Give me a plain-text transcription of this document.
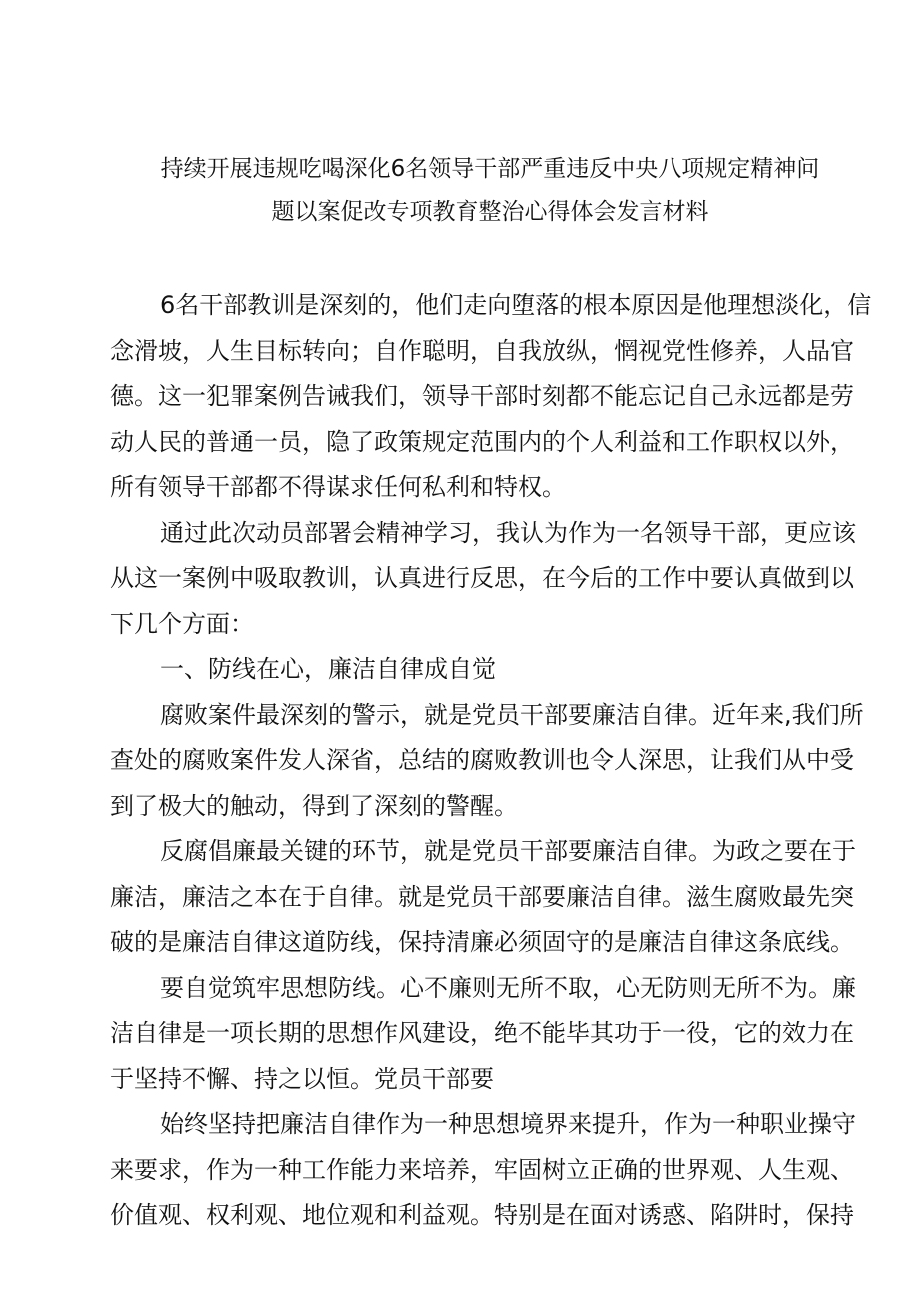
持续开展违规吃喝深化6名领导干部严重违反中央八项规定精神问
题以案促改专项教育整治心得体会发言材料

6名干部教训是深刻的，他们走向堕落的根本原因是他理想淡化，信
念滑坡，人生目标转向；自作聪明，自我放纵，惘视党性修养，人品官
德。这一犯罪案例告诫我们，领导干部时刻都不能忘记自己永远都是劳
动人民的普通一员，隐了政策规定范围内的个人利益和工作职权以外，
所有领导干部都不得谋求任何私利和特权。

通过此次动员部署会精神学习，我认为作为一名领导干部，更应该
从这一案例中吸取教训，认真进行反思，在今后的工作中要认真做到以
下几个方面：

一、防线在心，廉洁自律成自觉

腐败案件最深刻的警示，就是党员干部要廉洁自律。近年来,我们所
查处的腐败案件发人深省，总结的腐败教训也令人深思，让我们从中受
到了极大的触动，得到了深刻的警醒。

反腐倡廉最关键的环节，就是党员干部要廉洁自律。为政之要在于
廉洁，廉洁之本在于自律。就是党员干部要廉洁自律。滋生腐败最先突
破的是廉洁自律这道防线，保持清廉必须固守的是廉洁自律这条底线。

要自觉筑牢思想防线。心不廉则无所不取，心无防则无所不为。廉
洁自律是一项长期的思想作风建设，绝不能毕其功于一役，它的效力在
于坚持不懈、持之以恒。党员干部要

始终坚持把廉洁自律作为一种思想境界来提升，作为一种职业操守
来要求，作为一种工作能力来培养，牢固树立正确的世界观、人生观、
价值观、权利观、地位观和利益观。特别是在面对诱惑、陷阱时，保持
